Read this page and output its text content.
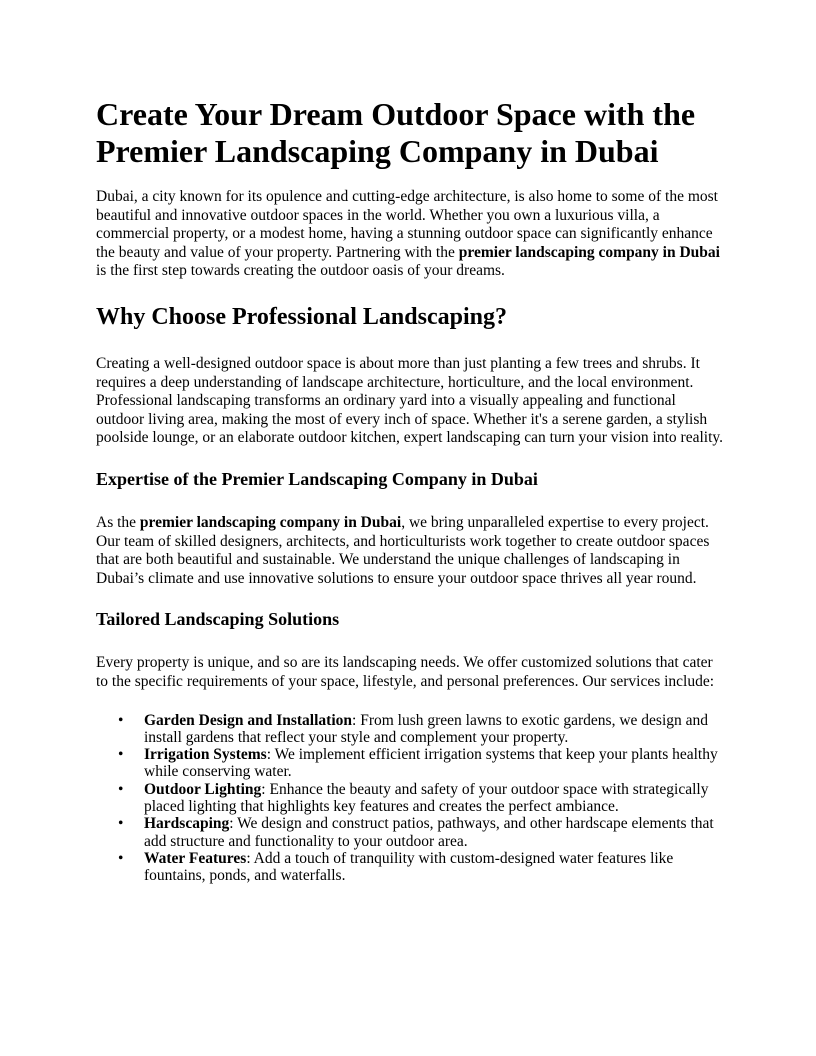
Create Your Dream Outdoor Space with the Premier Landscaping Company in Dubai

Dubai, a city known for its opulence and cutting-edge architecture, is also home to some of the most beautiful and innovative outdoor spaces in the world. Whether you own a luxurious villa, a commercial property, or a modest home, having a stunning outdoor space can significantly enhance the beauty and value of your property. Partnering with the premier landscaping company in Dubai is the first step towards creating the outdoor oasis of your dreams.

Why Choose Professional Landscaping?

Creating a well-designed outdoor space is about more than just planting a few trees and shrubs. It requires a deep understanding of landscape architecture, horticulture, and the local environment. Professional landscaping transforms an ordinary yard into a visually appealing and functional outdoor living area, making the most of every inch of space. Whether it's a serene garden, a stylish poolside lounge, or an elaborate outdoor kitchen, expert landscaping can turn your vision into reality.

Expertise of the Premier Landscaping Company in Dubai

As the premier landscaping company in Dubai, we bring unparalleled expertise to every project. Our team of skilled designers, architects, and horticulturists work together to create outdoor spaces that are both beautiful and sustainable. We understand the unique challenges of landscaping in Dubai’s climate and use innovative solutions to ensure your outdoor space thrives all year round.

Tailored Landscaping Solutions

Every property is unique, and so are its landscaping needs. We offer customized solutions that cater to the specific requirements of your space, lifestyle, and personal preferences. Our services include:

• Garden Design and Installation: From lush green lawns to exotic gardens, we design and install gardens that reflect your style and complement your property.
• Irrigation Systems: We implement efficient irrigation systems that keep your plants healthy while conserving water.
• Outdoor Lighting: Enhance the beauty and safety of your outdoor space with strategically placed lighting that highlights key features and creates the perfect ambiance.
• Hardscaping: We design and construct patios, pathways, and other hardscape elements that add structure and functionality to your outdoor area.
• Water Features: Add a touch of tranquility with custom-designed water features like fountains, ponds, and waterfalls.
